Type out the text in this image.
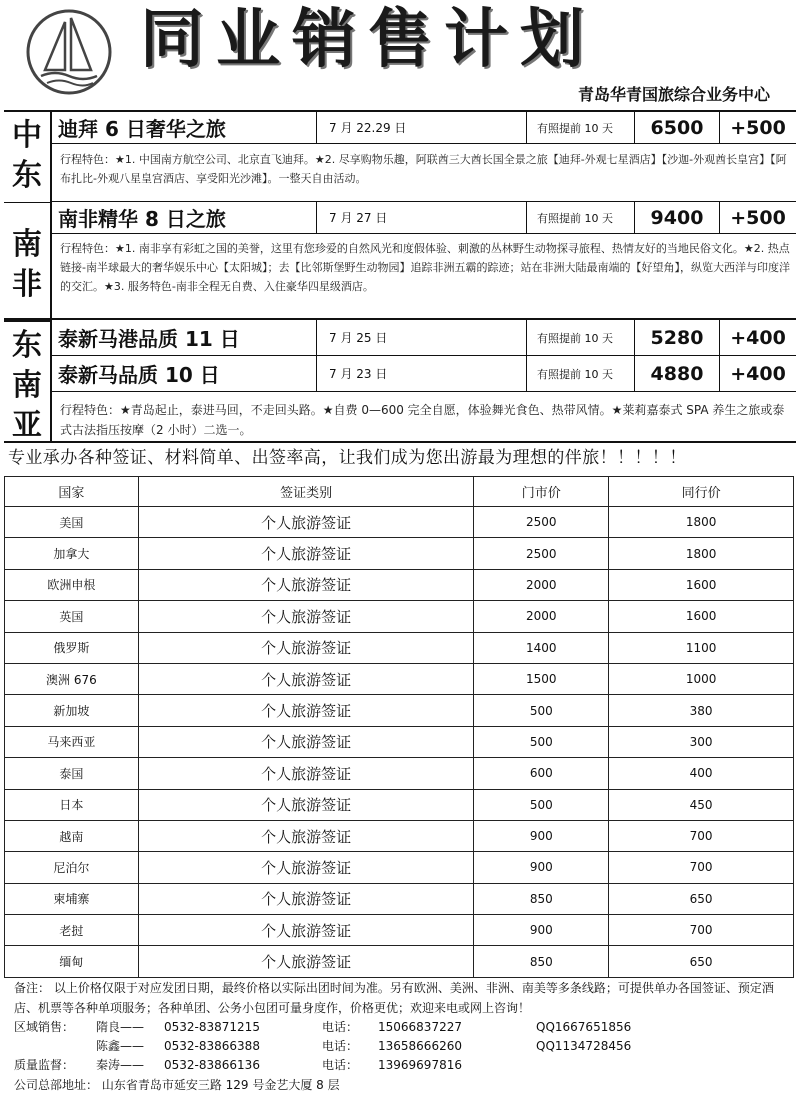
同业销售计划
青岛华青国旅综合业务中心
中
东
南
非
东
南
亚
迪拜 6 日奢华之旅	7 月 22.29 日	有照提前 10 天	6500	+500
行程特色：★1. 中国南方航空公司、北京直飞迪拜。★2. 尽享购物乐趣，阿联酋三大酋长国全景之旅【迪拜-外观七星酒店】【沙迦-外观酋长皇宫】【阿布扎比-外观八星皇宫酒店、享受阳光沙滩】。一整天自由活动。
南非精华 8 日之旅	7 月 27 日	有照提前 10 天	9400	+500
行程特色：★1. 南非享有彩虹之国的美誉，这里有您珍爱的自然风光和度假体验、刺激的丛林野生动物探寻旅程、热情友好的当地民俗文化。★2. 热点链接-南半球最大的奢华娱乐中心【太阳城】；去【比邻斯堡野生动物园】追踪非洲五霸的踪迹；站在非洲大陆最南端的【好望角】，纵览大西洋与印度洋的交汇。★3. 服务特色-南非全程无自费、入住豪华四星级酒店。
泰新马港品质 11 日	7 月 25 日	有照提前 10 天	5280	+400
泰新马品质 10 日	7 月 23 日	有照提前 10 天	4880	+400
行程特色：★青岛起止，泰进马回，不走回头路。★自费 0—600 完全自愿，体验舞光食色、热带风情。★莱莉嘉泰式 SPA 养生之旅或泰式古法指压按摩（2 小时）二选一。
专业承办各种签证、材料简单、出签率高，让我们成为您出游最为理想的伴旅！！！！！
国家	签证类别	门市价	同行价
美国	个人旅游签证	2500	1800
加拿大	个人旅游签证	2500	1800
欧洲申根	个人旅游签证	2000	1600
英国	个人旅游签证	2000	1600
俄罗斯	个人旅游签证	1400	1100
澳洲 676	个人旅游签证	1500	1000
新加坡	个人旅游签证	500	380
马来西亚	个人旅游签证	500	300
泰国	个人旅游签证	600	400
日本	个人旅游签证	500	450
越南	个人旅游签证	900	700
尼泊尔	个人旅游签证	900	700
柬埔寨	个人旅游签证	850	650
老挝	个人旅游签证	900	700
缅甸	个人旅游签证	850	650
备注： 以上价格仅限于对应发团日期，最终价格以实际出团时间为准。另有欧洲、美洲、非洲、南美等多条线路；可提供单办各国签证、预定酒店、机票等各种单项服务；各种单团、公务小包团可量身度作，价格更优；欢迎来电或网上咨询！
区域销售：	隋良——	0532-83871215	电话：	15066837227	QQ1667651856
陈鑫——	0532-83866388	电话：	13658666260	QQ1134728456
质量监督：	秦涛——	0532-83866136	电话：	13969697816
公司总部地址： 山东省青岛市延安三路 129 号金艺大厦 8 层
